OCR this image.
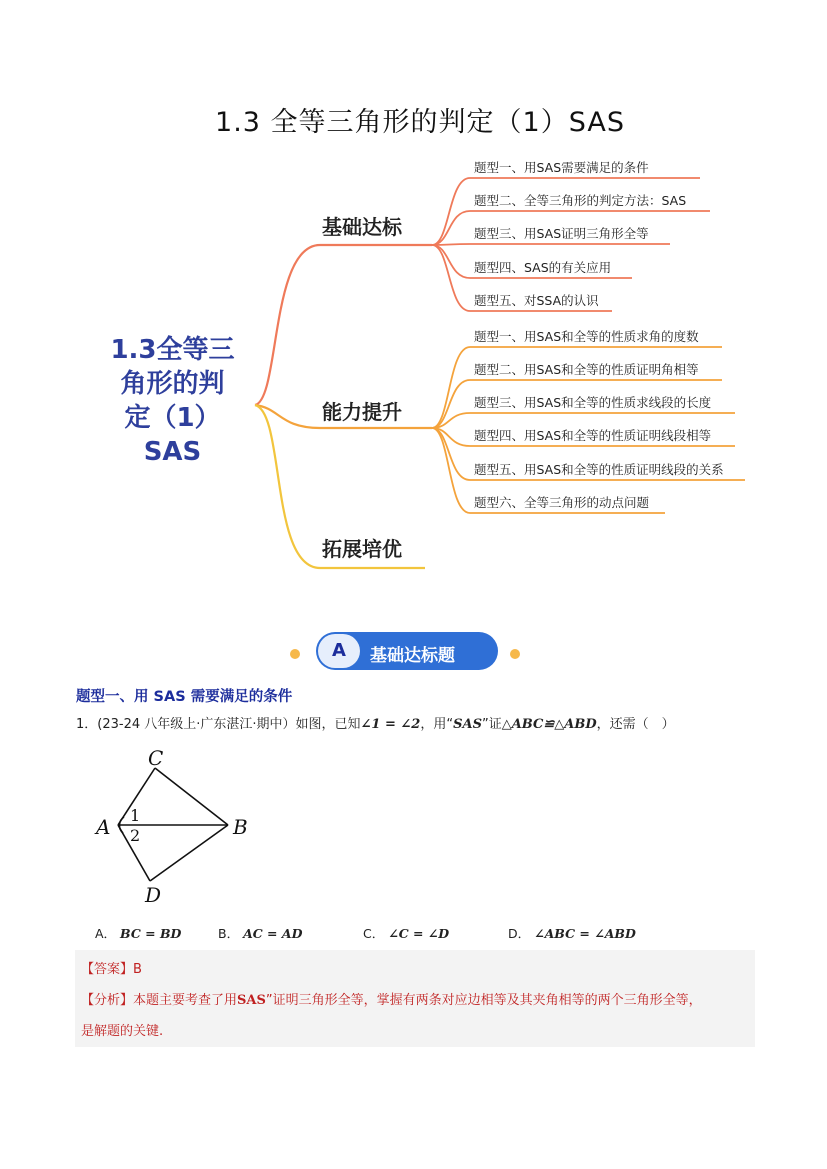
1.3 全等三角形的判定（1）SAS
1.3全等三
角形的判
定（1）
SAS
基础达标
能力提升
拓展培优
题型一、用SAS需要满足的条件
题型二、全等三角形的判定方法：SAS
题型三、用SAS证明三角形全等
题型四、SAS的有关应用
题型五、对SSA的认识
题型一、用SAS和全等的性质求角的度数
题型二、用SAS和全等的性质证明角相等
题型三、用SAS和全等的性质求线段的长度
题型四、用SAS和全等的性质证明线段相等
题型五、用SAS和全等的性质证明线段的关系
题型六、全等三角形的动点问题
A	基础达标题
题型一、用 SAS 需要满足的条件
1．(23-24 八年级上·广东湛江·期中）如图，已知∠1 = ∠2，用“SAS”证△ABC≌△ABD，还需（　）
C
A	B
D
1
2
A． BC = BD	B． AC = AD	C． ∠C = ∠D	D． ∠ABC = ∠ABD
【答案】B
【分析】本题主要考查了用SAS”证明三角形全等，掌握有两条对应边相等及其夹角相等的两个三角形全等，
是解题的关键.
